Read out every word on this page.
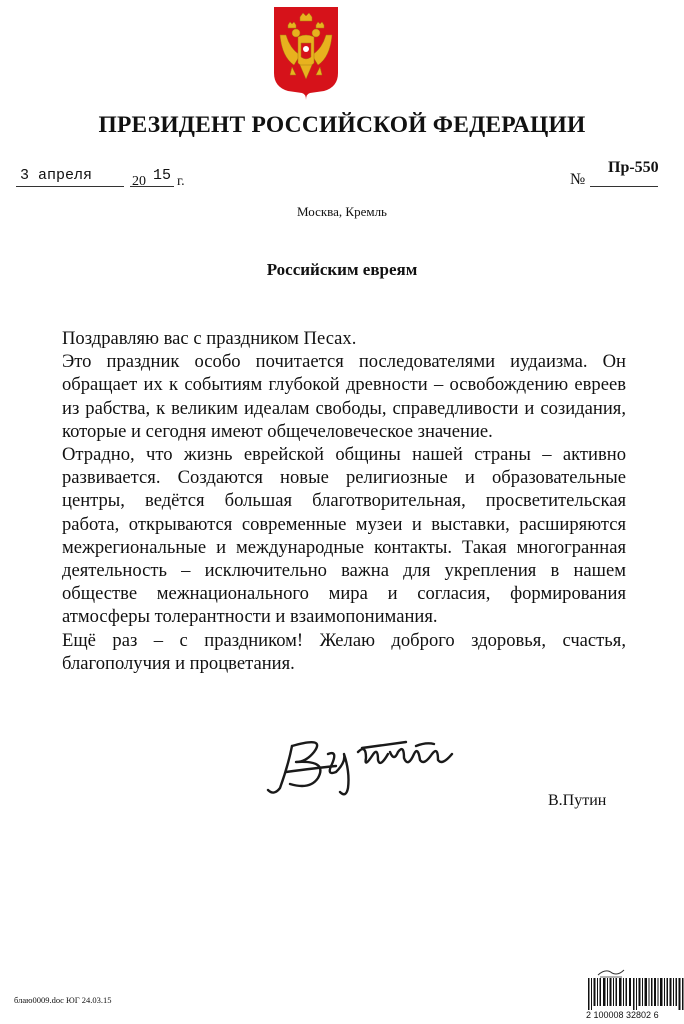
ПРЕЗИДЕНТ РОССИЙСКОЙ ФЕДЕРАЦИИ
3 апреля	20 15 г.	№
Пр-550
Москва, Кремль
Российским евреям

Поздравляю вас с праздником Песах.

Это праздник особо почитается последователями иудаизма. Он обращает их к событиям глубокой древности – освобождению евреев из рабства, к великим идеалам свободы, справедливости и созидания, которые и сегодня имеют общечеловеческое значение.

Отрадно, что жизнь еврейской общины нашей страны – активно развивается. Создаются новые религиозные и образовательные центры, ведётся большая благотворительная, просветительская работа, открываются современные музеи и выставки, расширяются межрегиональные и международные контакты. Такая многогранная деятельность – исключительно важна для укрепления в нашем обществе межнационального мира и согласия, формирования атмосферы толерантности и взаимопонимания.

Ещё раз – с праздником! Желаю доброго здоровья, счастья, благополучия и процветания.

В.Путин
блаю0009.doc ЮГ 24.03.15
2 100008 32802 6
